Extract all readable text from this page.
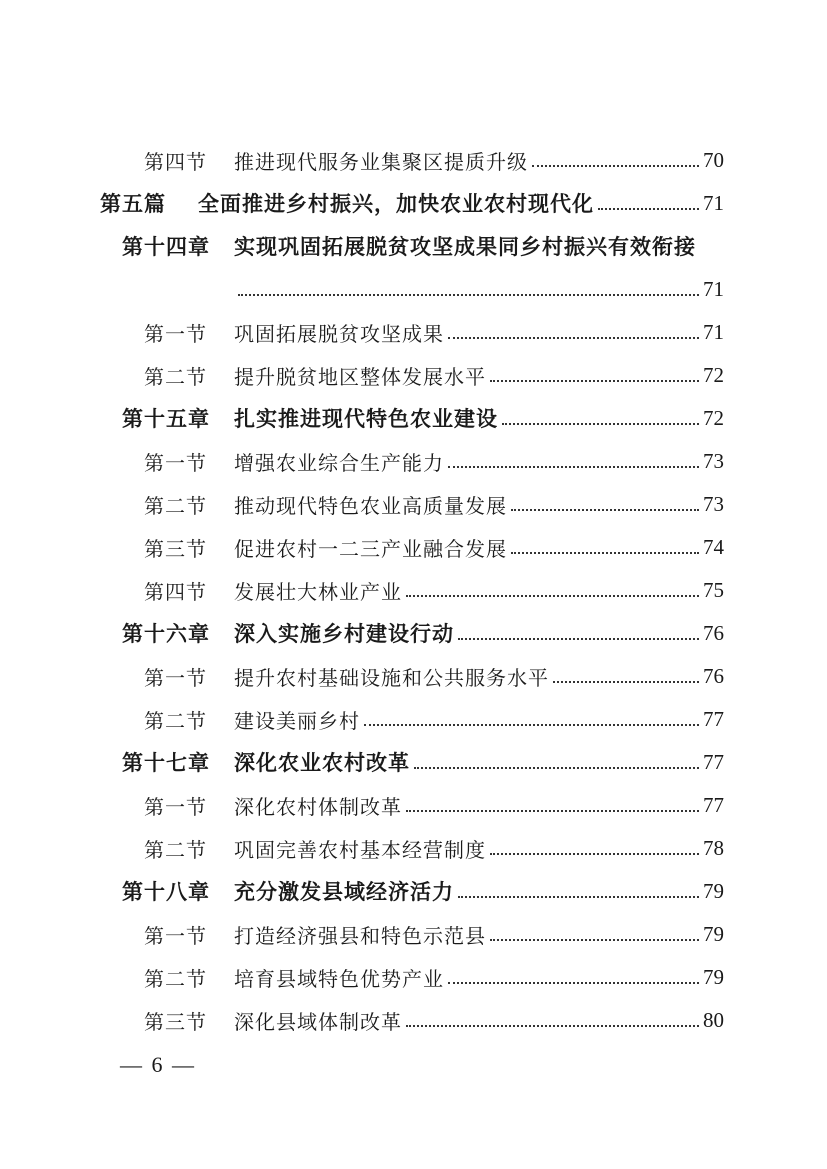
第四节 推进现代服务业集聚区提质升级	70
第五篇 全面推进乡村振兴，加快农业农村现代化	71
第十四章 实现巩固拓展脱贫攻坚成果同乡村振兴有效衔接
71
第一节 巩固拓展脱贫攻坚成果	71
第二节 提升脱贫地区整体发展水平	72
第十五章 扎实推进现代特色农业建设	72
第一节 增强农业综合生产能力	73
第二节 推动现代特色农业高质量发展	73
第三节 促进农村一二三产业融合发展	74
第四节 发展壮大林业产业	75
第十六章 深入实施乡村建设行动	76
第一节 提升农村基础设施和公共服务水平	76
第二节 建设美丽乡村	77
第十七章 深化农业农村改革	77
第一节 深化农村体制改革	77
第二节 巩固完善农村基本经营制度	78
第十八章 充分激发县域经济活力	79
第一节 打造经济强县和特色示范县	79
第二节 培育县域特色优势产业	79
第三节 深化县域体制改革	80
— 6 —
